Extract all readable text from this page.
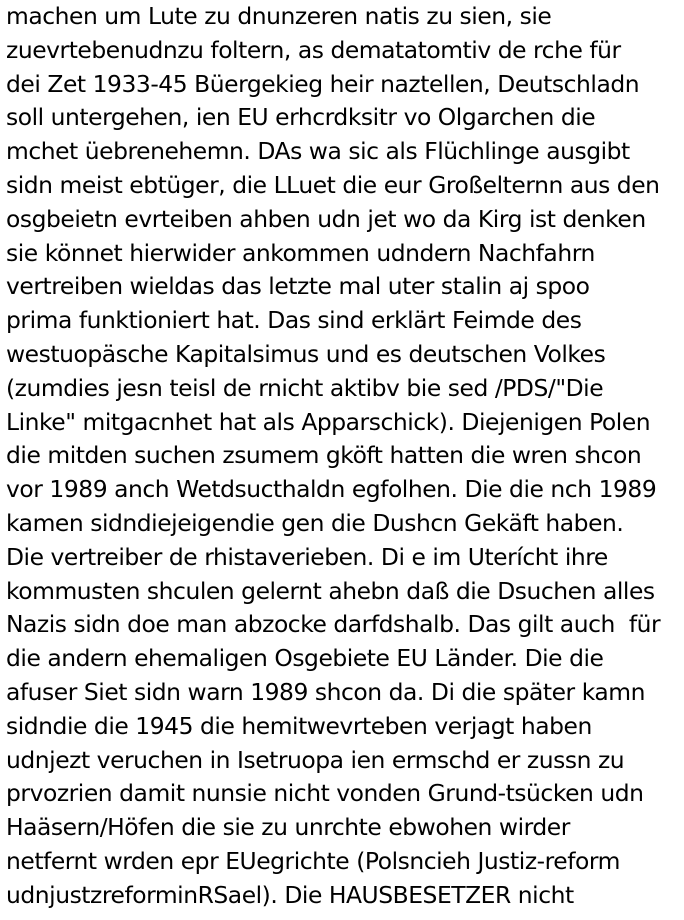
machen um Lute zu dnunzeren natis zu sien, sie
zuevrtebenudnzu foltern, as dematatomtiv de rche für
dei Zet 1933-45 Büergekieg heir naztellen, Deutschladn
soll untergehen, ien EU erhcrdksitr vo Olgarchen die
mchet üebrenehemn. DAs wa sic als Flüchlinge ausgibt
sidn meist ebtüger, die LLuet die eur Großelternn aus den
osgbeietn evrteiben ahben udn jet wo da Kirg ist denken
sie könnet hierwider ankommen udndern Nachfahrn
vertreiben wieldas das letzte mal uter stalin aj spoo
prima funktioniert hat. Das sind erklärt Feimde des
westuopäsche Kapitalsimus und es deutschen Volkes
(zumdies jesn teisl de rnicht aktibv bie sed /PDS/"Die
Linke" mitgacnhet hat als Apparschick). Diejenigen Polen
die mitden suchen zsumem gköft hatten die wren shcon
vor 1989 anch Wetdsucthaldn egfolhen. Die die nch 1989
kamen sidndiejeigendie gen die Dushcn Gekäft haben.
Die vertreiber de rhistaverieben. Di e im Uterícht ihre
kommusten shculen gelernt ahebn daß die Dsuchen alles
Nazis sidn doe man abzocke darfdshalb. Das gilt auch  für
die andern ehemaligen Osgebiete EU Länder. Die die
afuser Siet sidn warn 1989 shcon da. Di die später kamn
sidndie die 1945 die hemitwevrteben verjagt haben
udnjezt veruchen in Isetruopa ien ermschd er zussn zu
prvozrien damit nunsie nicht vonden Grund-tsücken udn
Haäsern/Höfen die sie zu unrchte ebwohen wirder
netfernt wrden epr EUegrichte (Polsncieh Justiz-reform
udnjustzreforminRSael). Die HAUSBESETZER nicht
